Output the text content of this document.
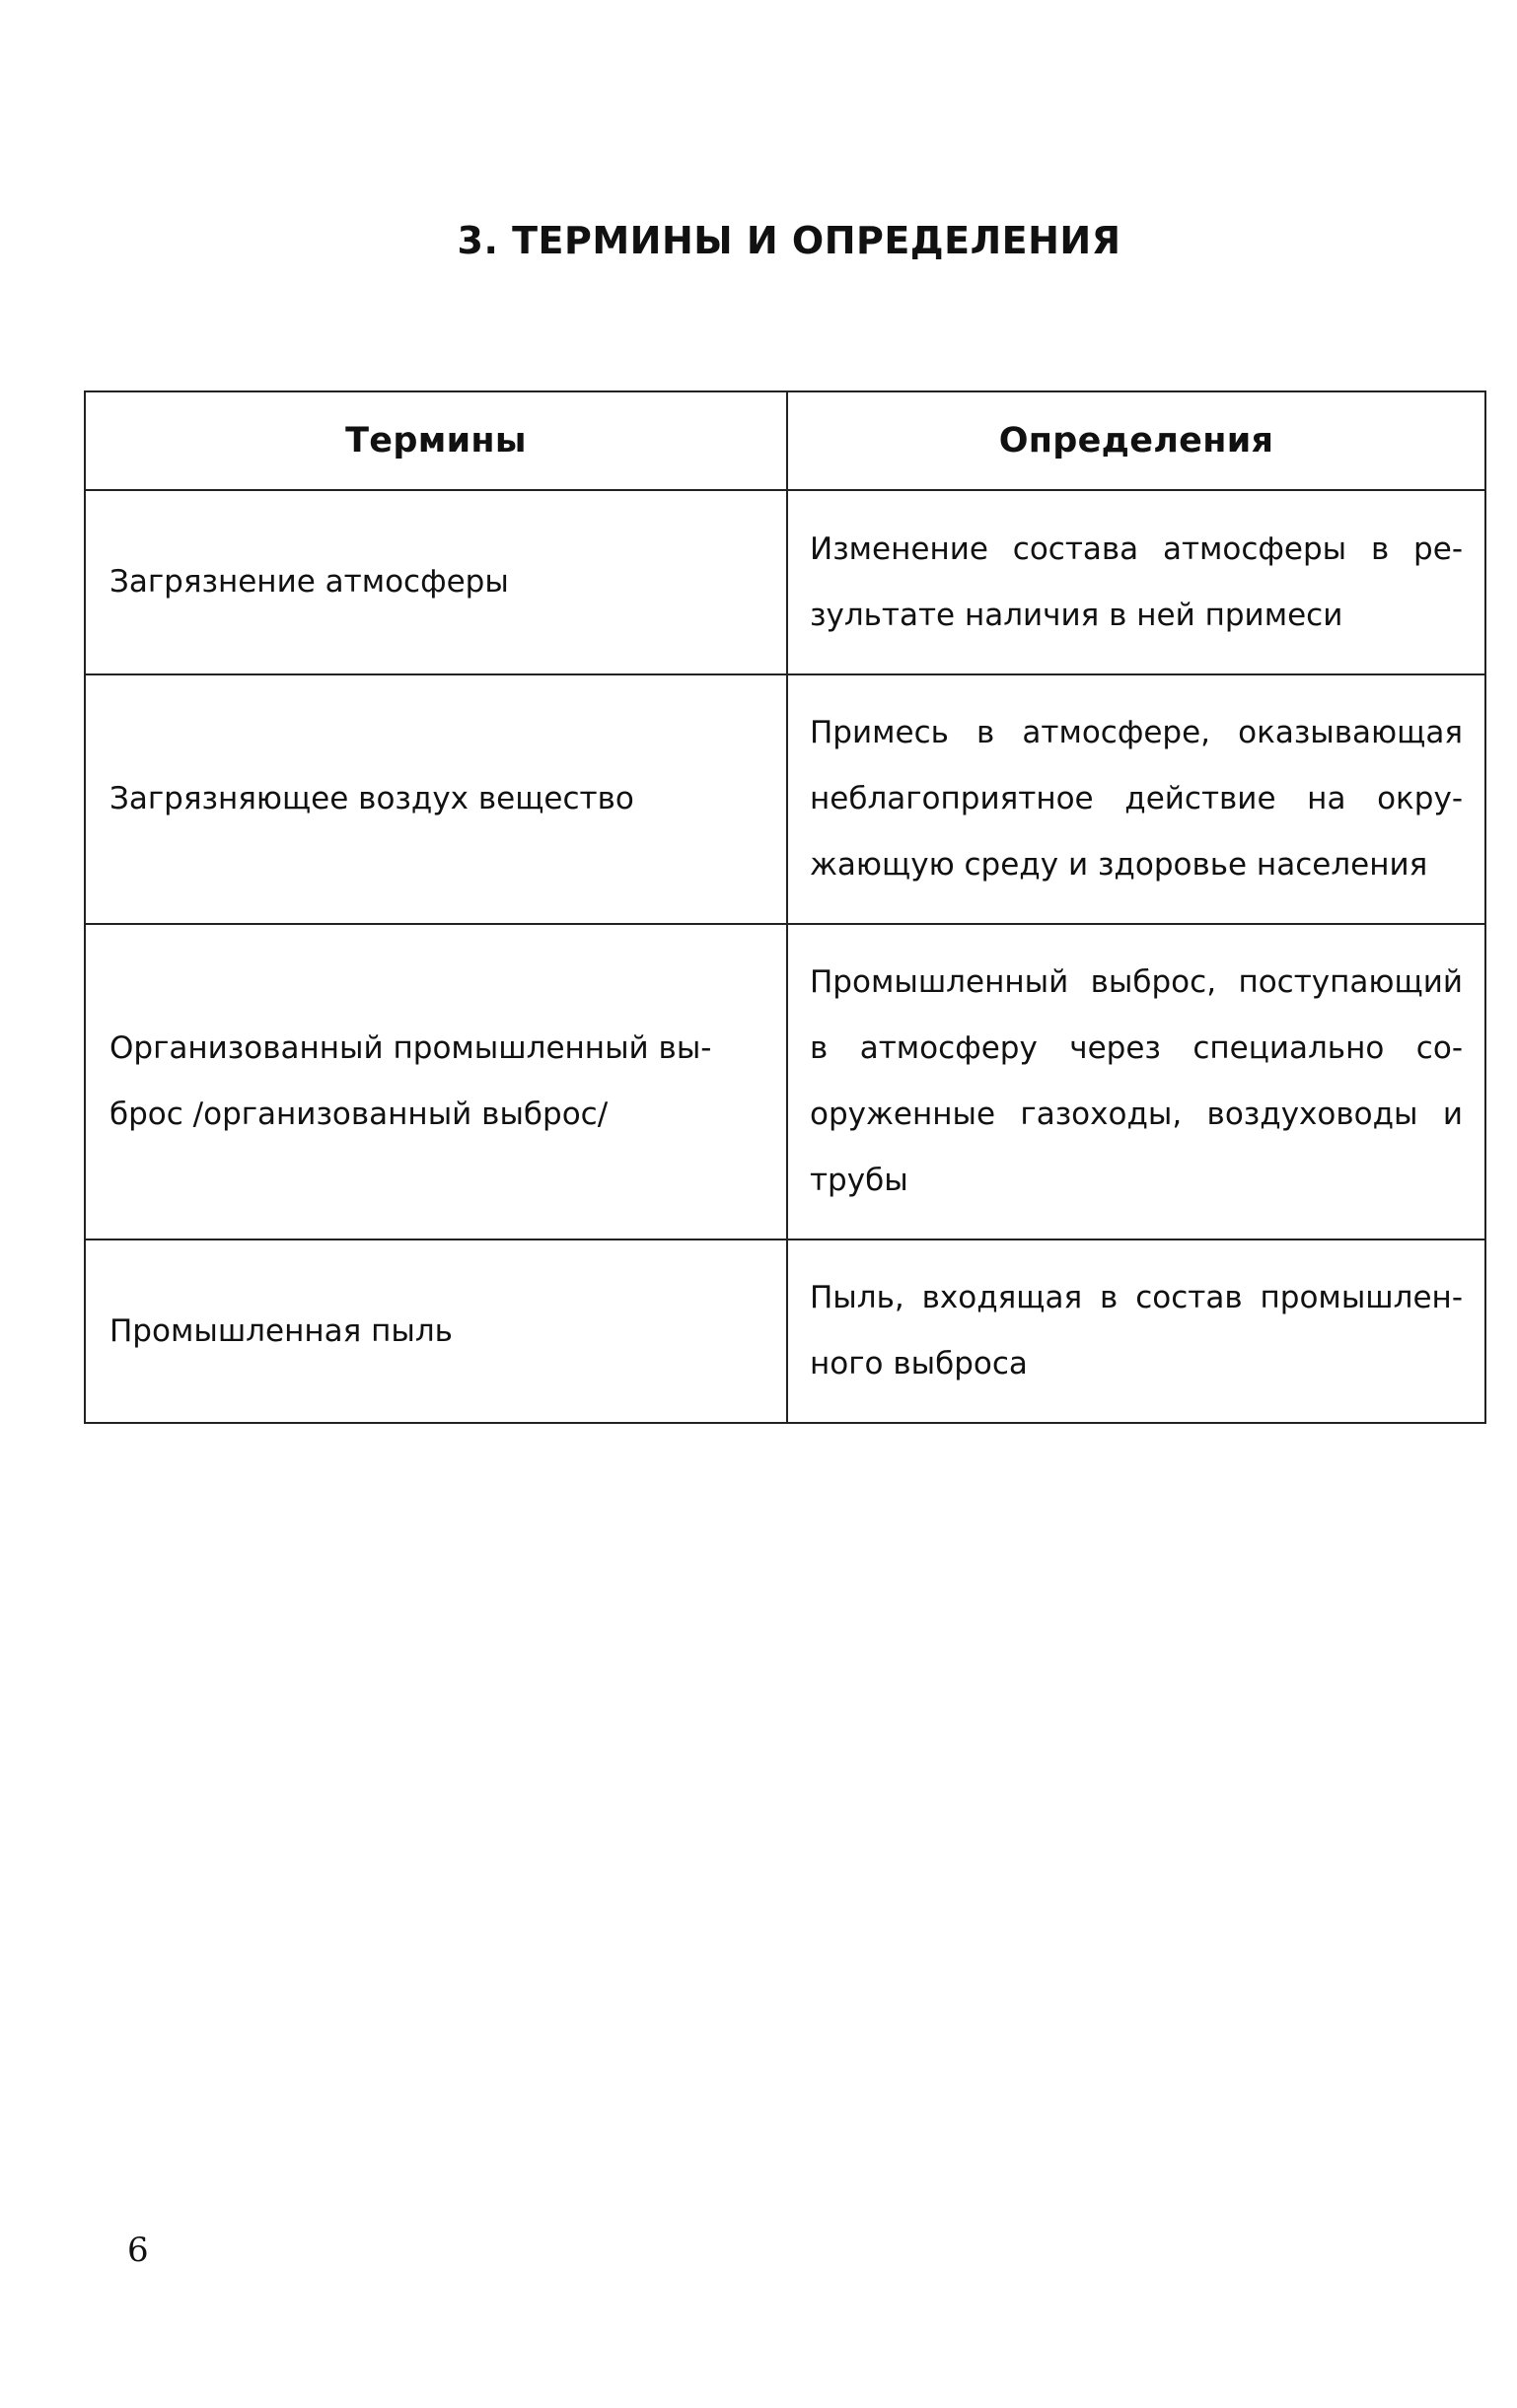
3. ТЕРМИНЫ И ОПРЕДЕЛЕНИЯ
Термины	Определения
Загрязнение атмосферы	Изменение состава атмосферы в результате наличия в ней примеси
Загрязняющее воздух вещество	Примесь в атмосфере, оказывающая неблагоприятное действие на окружающую среду и здоровье населения
Организованный промышленный выброс /организованный выброс/	Промышленный выброс, поступающий в атмосферу через специально сооруженные газоходы, воздуховоды и трубы
Промышленная пыль	Пыль, входящая в состав промышленного выброса
6
